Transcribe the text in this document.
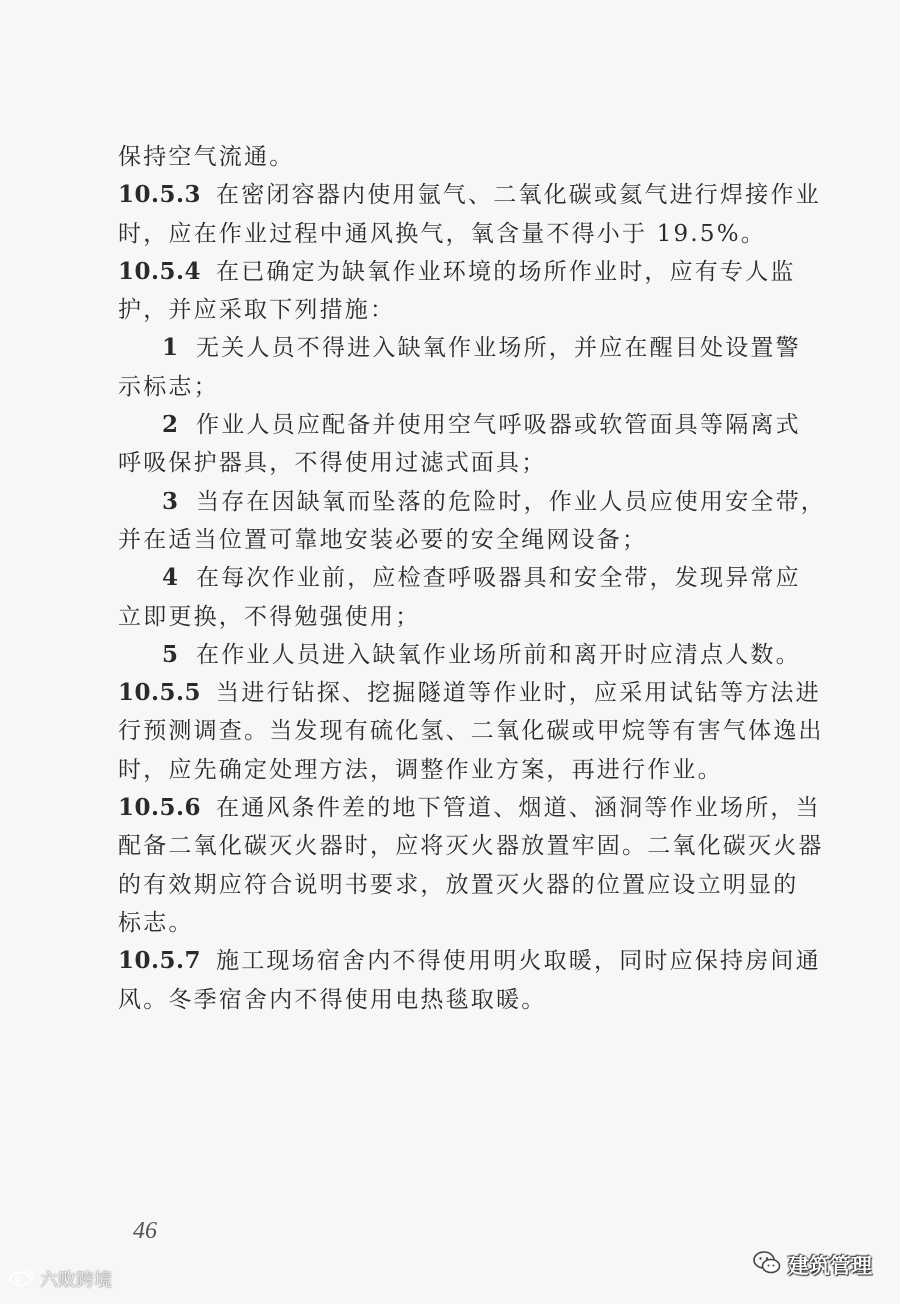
保持空气流通。
10.5.3 在密闭容器内使用氩气、二氧化碳或氦气进行焊接作业
时，应在作业过程中通风换气，氧含量不得小于 19.5%。
10.5.4 在已确定为缺氧作业环境的场所作业时，应有专人监
护，并应采取下列措施：
1 无关人员不得进入缺氧作业场所，并应在醒目处设置警
示标志；
2 作业人员应配备并使用空气呼吸器或软管面具等隔离式
呼吸保护器具，不得使用过滤式面具；
3 当存在因缺氧而坠落的危险时，作业人员应使用安全带，
并在适当位置可靠地安装必要的安全绳网设备；
4 在每次作业前，应检查呼吸器具和安全带，发现异常应
立即更换，不得勉强使用；
5 在作业人员进入缺氧作业场所前和离开时应清点人数。
10.5.5 当进行钻探、挖掘隧道等作业时，应采用试钻等方法进
行预测调查。当发现有硫化氢、二氧化碳或甲烷等有害气体逸出
时，应先确定处理方法，调整作业方案，再进行作业。
10.5.6 在通风条件差的地下管道、烟道、涵洞等作业场所，当
配备二氧化碳灭火器时，应将灭火器放置牢固。二氧化碳灭火器
的有效期应符合说明书要求，放置灭火器的位置应设立明显的
标志。
10.5.7 施工现场宿舍内不得使用明火取暖，同时应保持房间通
风。冬季宿舍内不得使用电热毯取暖。
46
六败跨境
建筑管理
